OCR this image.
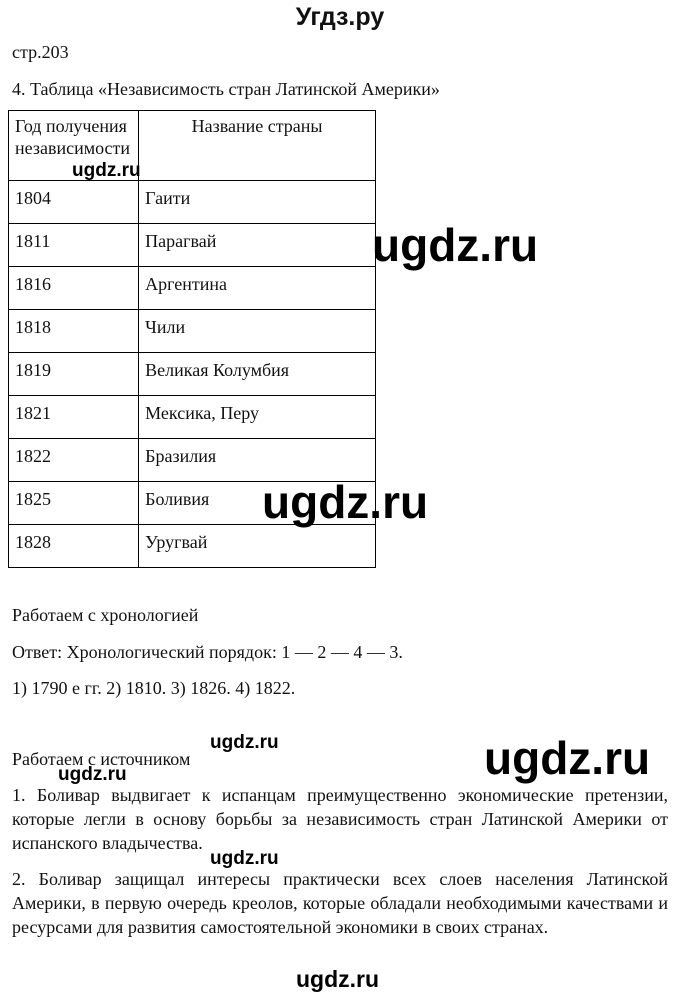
Угдз.ру
стр.203
4. Таблица «Независимость стран Латинской Америки»
Год получения независимости	Название страны
1804	Гаити
1811	Парагвай
1816	Аргентина
1818	Чили
1819	Великая Колумбия
1821	Мексика, Перу
1822	Бразилия
1825	Боливия
1828	Уругвай
Работаем с хронологией
Ответ: Хронологический порядок: 1 — 2 — 4 — 3.
1) 1790 е гг. 2) 1810. 3) 1826. 4) 1822.
Работаем с источником
1. Боливар выдвигает к испанцам преимущественно экономические претензии, которые легли в основу борьбы за независимость стран Латинской Америки от испанского владычества.
2. Боливар защищал интересы практически всех слоев населения Латинской Америки, в первую очередь креолов, которые обладали необходимыми качествами и ресурсами для развития самостоятельной экономики в своих странах.
ugdz.ru
ugdz.ru
ugdz.ru
ugdz.ru	ugdz.ru
ugdz.ru
ugdz.ru
ugdz.ru
